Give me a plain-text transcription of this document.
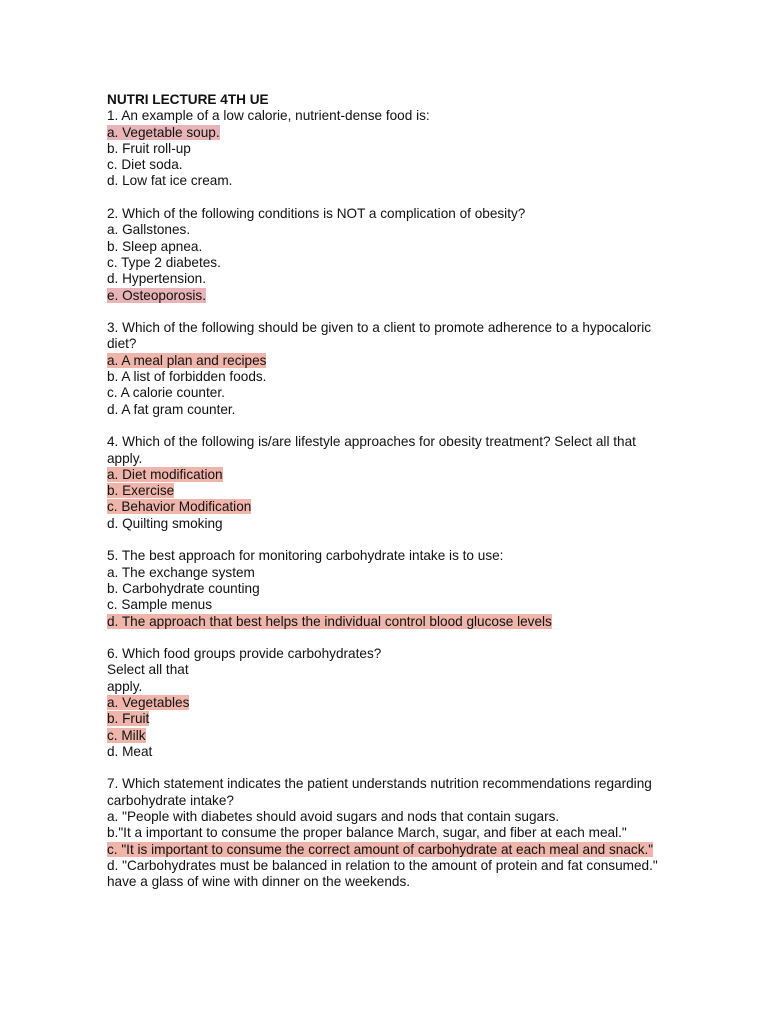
NUTRI LECTURE 4TH UE
1. An example of a low calorie, nutrient-dense food is:
a. Vegetable soup.
b. Fruit roll-up
c. Diet soda.
d. Low fat ice cream.
2. Which of the following conditions is NOT a complication of obesity?
a. Gallstones.
b. Sleep apnea.
c. Type 2 diabetes.
d. Hypertension.
e. Osteoporosis.
3. Which of the following should be given to a client to promote adherence to a hypocaloric
diet?
a. A meal plan and recipes
b. A list of forbidden foods.
c. A calorie counter.
d. A fat gram counter.
4. Which of the following is/are lifestyle approaches for obesity treatment? Select all that
apply.
a. Diet modification
b. Exercise
c. Behavior Modification
d. Quilting smoking
5. The best approach for monitoring carbohydrate intake is to use:
a. The exchange system
b. Carbohydrate counting
c. Sample menus
d. The approach that best helps the individual control blood glucose levels
6. Which food groups provide carbohydrates?
Select all that
apply.
a. Vegetables
b. Fruit
c. Milk
d. Meat
7. Which statement indicates the patient understands nutrition recommendations regarding
carbohydrate intake?
a. "People with diabetes should avoid sugars and nods that contain sugars.
b."It a important to consume the proper balance March, sugar, and fiber at each meal."
c. "It is important to consume the correct amount of carbohydrate at each meal and snack."
d. "Carbohydrates must be balanced in relation to the amount of protein and fat consumed."
have a glass of wine with dinner on the weekends.
